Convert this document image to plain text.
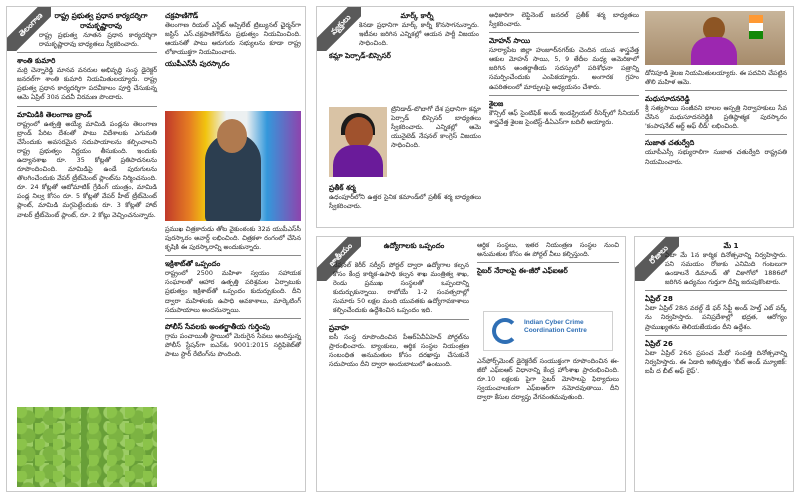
తెలంగాణ	రాష్ట్ర ప్రభుత్వ ప్రధాన కార్యదర్శిగా రామకృష్ణారావు
రాష్ట్ర ప్రభుత్వ నూతన ప్రధాన కార్యదర్శిగా రామకృష్ణారావు బాధ్యతలు స్వీకరించారు.
శాంతి కుమారి
మర్రి చెన్నారెడ్డి మానవ వనరుల అభివృద్ధి సంస్థ డైరెక్టర్ జనరల్‌గా శాంతి కుమారి నియమితులయ్యారు. రాష్ట్ర ప్రభుత్వ ప్రధాన కార్యదర్శిగా పదవీకాలం పూర్తి చేసుకున్న ఆమె ఏప్రిల్ 30న పదవీ విరమణ పొందారు.
మామిడికి తెలంగాణ బ్రాండ్
రాష్ట్రంలో ఉత్పత్తి అయ్యే మామిడి పండ్లను తెలంగాణ బ్రాండ్ పేరిట దేశంతో పాటు విదేశాలకు ఎగుమతి చేసేందుకు అవసరమైన సదుపాయాలను కల్పించాలని రాష్ట్ర ప్రభుత్వం నిర్ణయం తీసుకుంది. ఇందుకు ఉద్యానశాఖ రూ. 35 కోట్లతో ప్రతిపాదనలను రూపొందించింది. మామిడిపై ఉండే పురుగులను తొలగించేందుకు వేపర్ ట్రీట్‌మెంట్ ప్లాంట్‌ను నిర్మించనుంది. రూ. 24 కోట్లతో ఆటోమాటిక్ గ్రేడింగ్ యంత్రం, మామిడి పండ్ల నిల్వ కోసం రూ. 5 కోట్లతో వేపర్ హీట్ ట్రీట్‌మెంట్ ప్లాంట్, మామిడి మగ్గపెట్టేందుకు రూ. 3 కోట్లతో హాట్ వాటర్ ట్రీట్‌మెంట్ ప్లాంట్, రూ. 2 కోట్లు వెచ్చించనున్నారు.
చక్రపాణిగౌడ్
తెలంగాణ రియల్ ఎస్టేట్ అప్పిలేట్ ట్రిబ్యునల్ ఛైర్మన్‌గా జస్టిస్ ఎస్.చక్రపాణిగౌడ్‌ను ప్రభుత్వం నియమించింది. ఆయనతో పాటు ఆరుగురు సభ్యులను కూడా రాష్ట్ర లోకాయుక్తగా నియమించారు.
యుపీఎస్‌సీ పురస్కారం
ప్రముఖ చిత్రకారుడు తోట వైకుంఠంకు 32వ యుపీఎస్‌సీ పురస్కారం అవార్డ్ లభించింది. చిత్రకళా రంగంలో చేసిన కృషికి ఈ పురస్కారాన్ని అందుకున్నారు.
ఇక్రిశాట్‌తో ఒప్పందం
రాష్ట్రంలో 2500 మహిళా స్వయం సహాయక సంఘాలతో ఆహార ఉత్పత్తి పరిశ్రమల ఏర్పాటుకు ప్రభుత్వం ఇక్రిశాట్‌తో ఒప్పందం కుదుర్చుకుంది. దీని ద్వారా మహిళలకు ఉపాధి అవకాశాలు, మార్కెటింగ్ సదుపాయాలు అందనున్నాయి.
పోలీస్ సేవలకు అంతర్జాతీయ గుర్తింపు
గ్రామ పంచాయితీ స్థాయిలో మెరుగైన సేవలు అందిస్తున్న పోలీస్ స్టేషన్‌గా ఐఎస్ఓ 9001:2015 సర్టిఫికెట్‌తో పాటు స్టార్ రేటింగ్‌ను పొందింది.
వ్యక్తులు	మార్క్ కార్నీ
కెనడా ప్రధానిగా మార్క్ కార్నీ కొనసాగనున్నారు. ఇటీవల జరిగిన ఎన్నికల్లో ఆయన పార్టీ విజయం సాధించింది.
కమ్లా పెర్సాడ్-బిస్సెసర్
ట్రినిడాడ్-టొబాగో దేశ ప్రధానిగా కమ్లా పెర్సాడ్ బిస్సెసర్ బాధ్యతలు స్వీకరించారు. ఎన్నికల్లో ఆమె యునైటెడ్ నేషనల్ కాంగ్రెస్ విజయం సాధించింది.
ప్రతీక్ శర్మ
ఉధంపూర్‌లోని ఉత్తర సైనిక కమాండ్‌లో ప్రతీక్ శర్మ బాధ్యతలు స్వీకరించారు.
అధికారిగా లెఫ్టినెంట్ జనరల్ ప్రతీక్ శర్మ బాధ్యతలు స్వీకరించారు.
మోహన్ సాయి
సూర్యాపేట జిల్లా హుజూర్‌నగర్‌కు చెందిన యువ శాస్త్రవేత్త ఆకుల మోహన్ సాయి, 5, 9 తేదీల మధ్య అమెరికాలో జరిగిన అంతర్జాతీయ సదస్సులో పరిశోధనా పత్రాన్ని సమర్పించేందుకు ఎంపికయ్యారు. అంగారక గ్రహం ఉపరితలంలో మార్పులపై అధ్యయనం చేశారు.
శైలజ
కౌన్సిల్ ఆఫ్ సైంటిఫిక్ అండ్ ఇండస్ట్రియల్ రీసెర్చ్‌లో సీనియర్ శాస్త్రవేత్త శైలజ సైంటిస్ట్-డీఏఎస్‌గా బదిలీ అయ్యారు.
డోనిపూడి శైలజ నియమితులయ్యారు. ఈ పదవిని చేపట్టిన తొలి మహిళ ఆమె.
మధుసూదనరెడ్డి
శ్రీ సత్యసాయి సంజీవని బాలల ఆస్పత్రి నిర్వాహకులు సేవ చేసిన మధుసూదనరెడ్డికి ప్రతిష్ఠాత్మక పురస్కారం 'కంపాషనేట్ ఆర్ట్ ఆఫ్ లీడ్' లభించింది.
సుజాత చతుర్వేది
యూపీఎస్సీ సభ్యురాలిగా సుజాత చతుర్వేది రాష్ట్రపతి నియమించారు.
జాతీయం	ఉద్యోగాలకు ఒప్పందం
నేషనల్ కెరీర్ సర్వీస్ పోర్టల్ ద్వారా ఉద్యోగాల కల్పన కోసం కేంద్ర కార్మిక-ఉపాధి కల్పన శాఖ మంత్రిత్వ శాఖ, రెండు ప్రముఖ సంస్థలతో ఒప్పందాన్ని కుదుర్చుకున్నాయి. రాబోయే 1-2 సంవత్సరాల్లో సుమారు 50 లక్షల మంది యువతకు ఉద్యోగావకాశాలు కల్పించేందుకు ఉద్దేశించిన ఒప్పందం ఇది.
ప్రవాహ
ఐసీ సంస్థ రూపొందించిన పీఆర్ఏవీఏహెచ్ పోర్టల్‌ను ప్రారంభించారు. బ్యాంకులు, ఆర్థిక సంస్థల నియంత్రణ సంబంధిత అనుమతుల కోసం దరఖాస్తు చేసుకునే సదుపాయం దీని ద్వారా అందుబాటులో ఉంటుంది.
ఆర్థిక సంస్థలు, ఇతర నియంత్రణ సంస్థల నుంచి అనుమతుల కోసం ఈ పోర్టల్ వీలు కల్పిస్తుంది.
సైబర్ నేరాలపై ఈ-జీరో ఎఫ్ఐఆర్
Indian Cyber Crime Coordination Centre
ఎన్‌ఫోర్స్‌మెంట్ డైరెక్టరేట్ సంయుక్తంగా రూపొందించిన ఈ-జీరో ఎఫ్ఐఆర్ విధానాన్ని కేంద్ర హోంశాఖ ప్రారంభించింది. రూ.10 లక్షలకు పైగా సైబర్ మోసాలపై ఫిర్యాదులు స్వయంచాలకంగా ఎఫ్ఐఆర్‌గా నమోదవుతాయి. దీని ద్వారా కేసుల దర్యాప్తు వేగవంతమవుతుంది.
రోజులు	మే 1
ఏటా మే 1న కార్మిక దినోత్సవాన్ని నిర్వహిస్తారు. పని సమయం రోజుకు ఎనిమిది గంటలుగా ఉండాలనే డిమాండ్ తో చికాగోలో 1886లో జరిగిన ఉద్యమం గుర్తుగా దీన్ని జరుపుకొంటారు.
ఏప్రిల్ 28
ఏటా ఏప్రిల్ 28న వరల్డ్ డే ఫర్ సేఫ్టీ అండ్ హెల్త్ ఎట్ వర్క్ ను నిర్వహిస్తారు. పనిప్రదేశాల్లో భద్రత, ఆరోగ్యం ప్రాముఖ్యతను తెలియజేయడం దీని ఉద్దేశం.
ఏప్రిల్ 26
ఏటా ఏప్రిల్ 26న ప్రపంచ మేధో సంపత్తి దినోత్సవాన్ని నిర్వహిస్తారు. ఈ ఏడాది ఇతివృత్తం 'బీట్ అండ్ మ్యూజిక్: ఐపీ ద బీట్ ఆఫ్ లైఫ్'.
